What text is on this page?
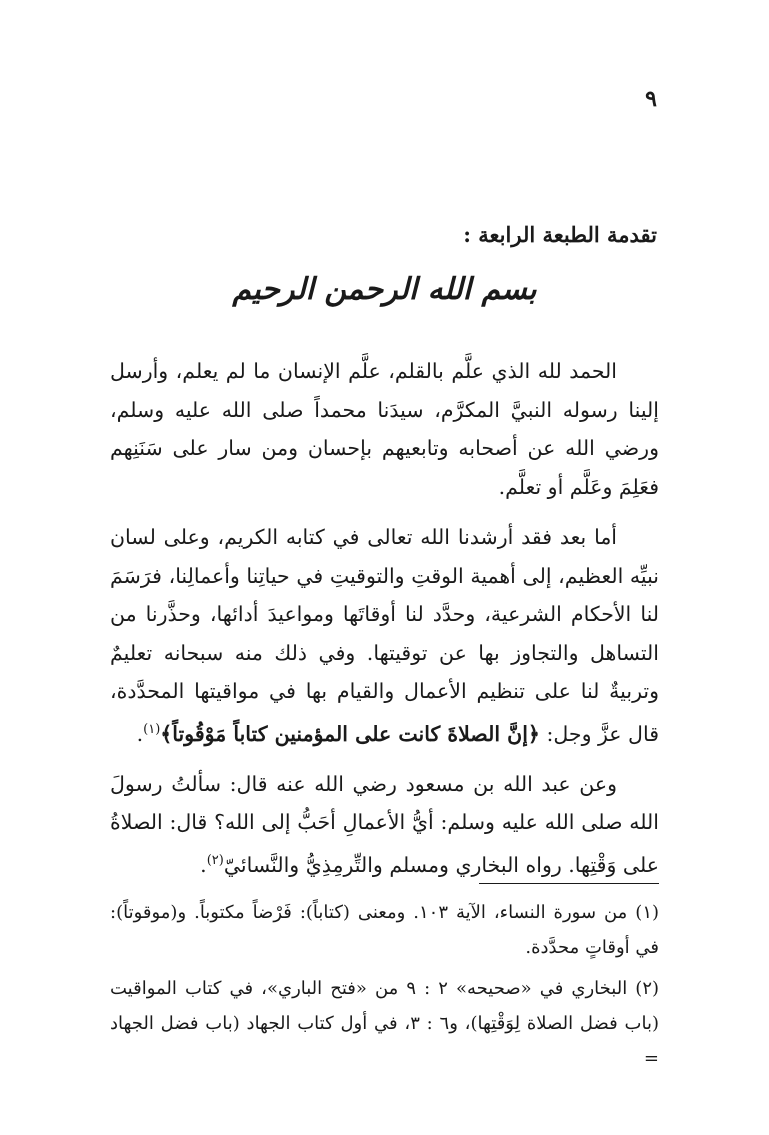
٩
تقدمة الطبعة الرابعة :
بسم الله الرحمن الرحيم

الحمد لله الذي علَّم بالقلم، علَّم الإنسان ما لم يعلم، وأرسل إلينا رسوله النبيَّ المكرَّم، سيدَنا محمداً صلى الله عليه وسلم، ورضي الله عن أصحابه وتابعيهم بإحسان ومن سار على سَنَنِهم فعَلِمَ وعَلَّم أو تعلَّم.

أما بعد فقد أرشدنا الله تعالى في كتابه الكريم، وعلى لسان نبيِّه العظيم، إلى أهمية الوقتِ والتوقيتِ في حياتِنا وأعمالِنا، فرَسَمَ لنا الأحكام الشرعية، وحدَّد لنا أوقاتَها ومواعيدَ أدائها، وحذَّرنا من التساهل والتجاوز بها عن توقيتها. وفي ذلك منه سبحانه تعليمٌ وتربيةٌ لنا على تنظيم الأعمال والقيام بها في مواقيتها المحدَّدة، قال عزَّ وجل: ﴿إنَّ الصلاةَ كانت على المؤمنين كتاباً مَوْقُوتاً﴾$^{(١)}$.

وعن عبد الله بن مسعود رضي الله عنه قال: سألتُ رسولَ الله صلى الله عليه وسلم: أيُّ الأعمالِ أحَبُّ إلى الله؟ قال: الصلاةُ على وَقْتِها. رواه البخاري ومسلم والتِّرمِذِيُّ والنَّسائيّ$^{(٢)}$.

(١) من سورة النساء، الآية ١٠٣. ومعنى (كتاباً): فَرْضاً مكتوباً. و(موقوتاً): في أوقاتٍ محدَّدة.

(٢) البخاري في «صحيحه» ٢ : ٩ من «فتح الباري»، في كتاب المواقيت (باب فضل الصلاة لِوَقْتِها)، و٦ : ٣، في أول كتاب الجهاد (باب فضل الجهاد =
